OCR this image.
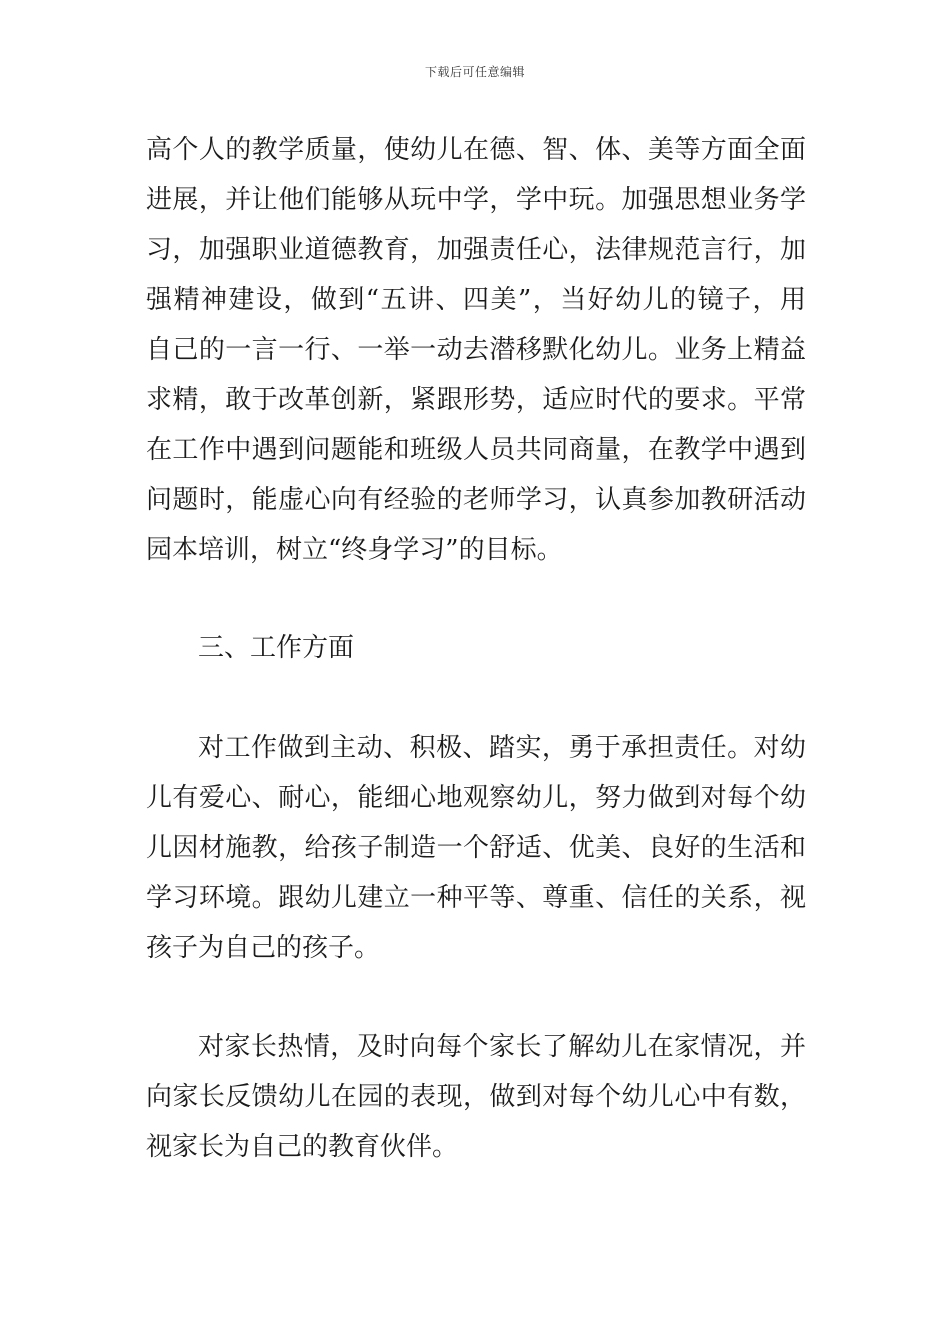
下载后可任意编辑
高个人的教学质量，使幼儿在德、智、体、美等方面全面
进展，并让他们能够从玩中学，学中玩。加强思想业务学
习，加强职业道德教育，加强责任心，法律规范言行，加
强精神建设，做到“五讲、四美”，当好幼儿的镜子，用
自己的一言一行、一举一动去潜移默化幼儿。业务上精益
求精，敢于改革创新，紧跟形势，适应时代的要求。平常
在工作中遇到问题能和班级人员共同商量，在教学中遇到
问题时，能虚心向有经验的老师学习，认真参加教研活动
园本培训，树立“终身学习”的目标。
三、工作方面
对工作做到主动、积极、踏实，勇于承担责任。对幼
儿有爱心、耐心，能细心地观察幼儿，努力做到对每个幼
儿因材施教，给孩子制造一个舒适、优美、良好的生活和
学习环境。跟幼儿建立一种平等、尊重、信任的关系，视
孩子为自己的孩子。
对家长热情，及时向每个家长了解幼儿在家情况，并
向家长反馈幼儿在园的表现，做到对每个幼儿心中有数，
视家长为自己的教育伙伴。
